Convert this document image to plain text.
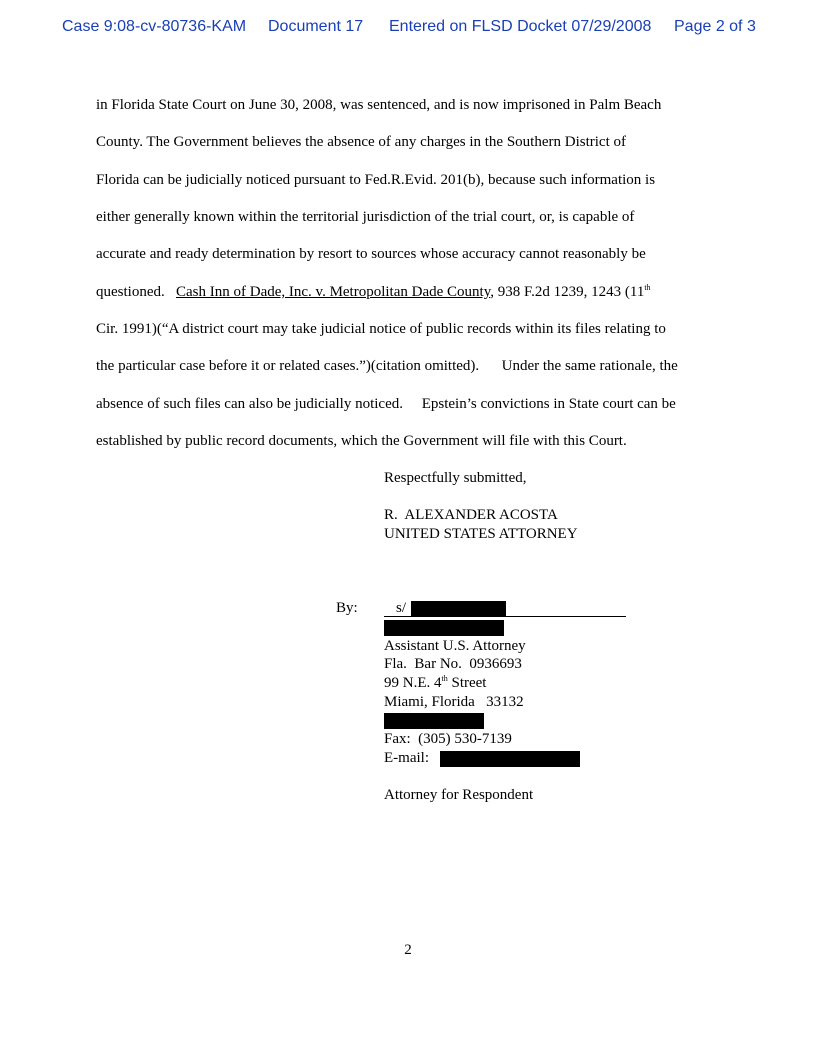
Case 9:08-cv-80736-KAM Document 17 Entered on FLSD Docket 07/29/2008 Page 2 of 3
in Florida State Court on June 30, 2008, was sentenced, and is now imprisoned in Palm Beach
County. The Government believes the absence of any charges in the Southern District of
Florida can be judicially noticed pursuant to Fed.R.Evid. 201(b), because such information is
either generally known within the territorial jurisdiction of the trial court, or, is capable of
accurate and ready determination by resort to sources whose accuracy cannot reasonably be
questioned.   Cash Inn of Dade, Inc. v. Metropolitan Dade County, 938 F.2d 1239, 1243 (11th
Cir. 1991)(“A district court may take judicial notice of public records within its files relating to
the particular case before it or related cases.”)(citation omitted).      Under the same rationale, the
absence of such files can also be judicially noticed.     Epstein’s convictions in State court can be
established by public record documents, which the Government will file with this Court.
Respectfully submitted,
R.  ALEXANDER ACOSTA
UNITED STATES ATTORNEY
By:	s/
Assistant U.S. Attorney
Fla.  Bar No.  0936693
99 N.E. 4th Street
Miami, Florida   33132
Fax:  (305) 530-7139
E-mail:
Attorney for Respondent
2
